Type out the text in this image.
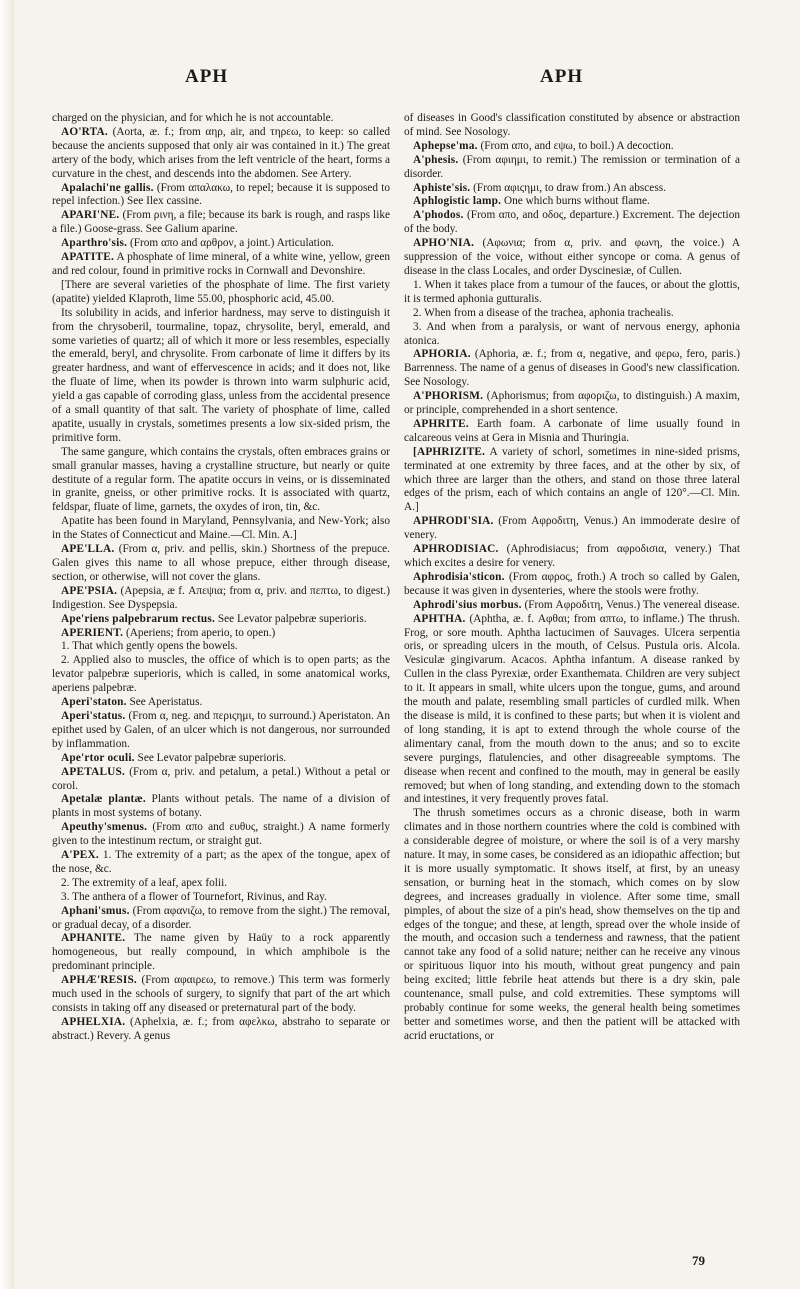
APH	APH

charged on the physician, and for which he is not accountable.

AO'RTA. (Aorta, æ. f.; from αηρ, air, and τηρεω, to keep: so called because the ancients supposed that only air was contained in it.) The great artery of the body, which arises from the left ventricle of the heart, forms a curvature in the chest, and descends into the abdomen. See Artery.

Apalachi'ne gallis. (From απαλακω, to repel; because it is supposed to repel infection.) See Ilex cassine.

APARI'NE. (From ρινη, a file; because its bark is rough, and rasps like a file.) Goose-grass. See Galium aparine.

Aparthro'sis. (From απο and αρθρον, a joint.) Articulation.

APATITE. A phosphate of lime mineral, of a white wine, yellow, green and red colour, found in primitive rocks in Cornwall and Devonshire.

[There are several varieties of the phosphate of lime. The first variety (apatite) yielded Klaproth, lime 55.00, phosphoric acid, 45.00.

Its solubility in acids, and inferior hardness, may serve to distinguish it from the chrysoberil, tourmaline, topaz, chrysolite, beryl, emerald, and some varieties of quartz; all of which it more or less resembles, especially the emerald, beryl, and chrysolite. From carbonate of lime it differs by its greater hardness, and want of effervescence in acids; and it does not, like the fluate of lime, when its powder is thrown into warm sulphuric acid, yield a gas capable of corroding glass, unless from the accidental presence of a small quantity of that salt. The variety of phosphate of lime, called apatite, usually in crystals, sometimes presents a low six-sided prism, the primitive form.

The same gangure, which contains the crystals, often embraces grains or small granular masses, having a crystalline structure, but nearly or quite destitute of a regular form. The apatite occurs in veins, or is disseminated in granite, gneiss, or other primitive rocks. It is associated with quartz, feldspar, fluate of lime, garnets, the oxydes of iron, tin, &c.

Apatite has been found in Maryland, Pennsylvania, and New-York; also in the States of Connecticut and Maine.—Cl. Min. A.]

APE'LLA. (From α, priv. and pellis, skin.) Shortness of the prepuce. Galen gives this name to all whose prepuce, either through disease, section, or otherwise, will not cover the glans.

APE'PSIA. (Apepsia, æ f. Απεψια; from α, priv. and πεπτω, to digest.) Indigestion. See Dyspepsia.

Ape'riens palpebrarum rectus. See Levator palpebræ superioris.

APERIENT. (Aperiens; from aperio, to open.)

1. That which gently opens the bowels.

2. Applied also to muscles, the office of which is to open parts; as the levator palpebræ superioris, which is called, in some anatomical works, aperiens palpebræ.

Aperi'staton. See Aperistatus.

Aperi'status. (From α, neg. and περιςημι, to surround.) Aperistaton. An epithet used by Galen, of an ulcer which is not dangerous, nor surrounded by inflammation.

Ape'rtor oculi. See Levator palpebræ superioris.

APETALUS. (From α, priv. and petalum, a petal.) Without a petal or corol.

Apetalæ plantæ. Plants without petals. The name of a division of plants in most systems of botany.

Apeuthy'smenus. (From απο and ευθυς, straight.) A name formerly given to the intestinum rectum, or straight gut.

A'PEX. 1. The extremity of a part; as the apex of the tongue, apex of the nose, &c.

2. The extremity of a leaf, apex folii.

3. The anthera of a flower of Tournefort, Rivinus, and Ray.

Aphani'smus. (From αφανιζω, to remove from the sight.) The removal, or gradual decay, of a disorder.

APHANITE. The name given by Haüy to a rock apparently homogeneous, but really compound, in which amphibole is the predominant principle.

APHÆ'RESIS. (From αφαιρεω, to remove.) This term was formerly much used in the schools of surgery, to signify that part of the art which consists in taking off any diseased or preternatural part of the body.

APHELXIA. (Aphelxia, æ. f.; from αφελκω, abstraho to separate or abstract.) Revery. A genus

of diseases in Good's classification constituted by absence or abstraction of mind. See Nosology.

Aphepse'ma. (From απο, and εψω, to boil.) A decoction.

A'phesis. (From αφιημι, to remit.) The remission or termination of a disorder.

Aphiste'sis. (From αφιςημι, to draw from.) An abscess.

Aphlogistic lamp. One which burns without flame.

A'phodos. (From απο, and οδος, departure.) Excrement. The dejection of the body.

APHO'NIA. (Αφωνια; from α, priv. and φωνη, the voice.) A suppression of the voice, without either syncope or coma. A genus of disease in the class Locales, and order Dyscinesiæ, of Cullen.

1. When it takes place from a tumour of the fauces, or about the glottis, it is termed aphonia gutturalis.

2. When from a disease of the trachea, aphonia trachealis.

3. And when from a paralysis, or want of nervous energy, aphonia atonica.

APHORIA. (Aphoria, æ. f.; from α, negative, and φερω, fero, paris.) Barrenness. The name of a genus of diseases in Good's new classification. See Nosology.

A'PHORISM. (Aphorismus; from αφοριζω, to distinguish.) A maxim, or principle, comprehended in a short sentence.

APHRITE. Earth foam. A carbonate of lime usually found in calcareous veins at Gera in Misnia and Thuringia.

[APHRIZITE. A variety of schorl, sometimes in nine-sided prisms, terminated at one extremity by three faces, and at the other by six, of which three are larger than the others, and stand on those three lateral edges of the prism, each of which contains an angle of 120°.—Cl. Min. A.]

APHRODI'SIA. (From Αφροδιτη, Venus.) An immoderate desire of venery.

APHRODISIAC. (Aphrodisiacus; from αφροδισια, venery.) That which excites a desire for venery.

Aphrodisia'sticon. (From αφρος, froth.) A troch so called by Galen, because it was given in dysenteries, where the stools were frothy.

Aphrodi'sius morbus. (From Αφροδιτη, Venus.) The venereal disease.

APHTHA. (Aphtha, æ. f. Αφθαι; from απτω, to inflame.) The thrush. Frog, or sore mouth. Aphtha lactucimen of Sauvages. Ulcera serpentia oris, or spreading ulcers in the mouth, of Celsus. Pustula oris. Alcola. Vesiculæ gingivarum. Acacos. Aphtha infantum. A disease ranked by Cullen in the class Pyrexiæ, order Exanthemata. Children are very subject to it. It appears in small, white ulcers upon the tongue, gums, and around the mouth and palate, resembling small particles of curdled milk. When the disease is mild, it is confined to these parts; but when it is violent and of long standing, it is apt to extend through the whole course of the alimentary canal, from the mouth down to the anus; and so to excite severe purgings, flatulencies, and other disagreeable symptoms. The disease when recent and confined to the mouth, may in general be easily removed; but when of long standing, and extending down to the stomach and intestines, it very frequently proves fatal.

The thrush sometimes occurs as a chronic disease, both in warm climates and in those northern countries where the cold is combined with a considerable degree of moisture, or where the soil is of a very marshy nature. It may, in some cases, be considered as an idiopathic affection; but it is more usually symptomatic. It shows itself, at first, by an uneasy sensation, or burning heat in the stomach, which comes on by slow degrees, and increases gradually in violence. After some time, small pimples, of about the size of a pin's head, show themselves on the tip and edges of the tongue; and these, at length, spread over the whole inside of the mouth, and occasion such a tenderness and rawness, that the patient cannot take any food of a solid nature; neither can he receive any vinous or spirituous liquor into his mouth, without great pungency and pain being excited; little febrile heat attends but there is a dry skin, pale countenance, small pulse, and cold extremities. These symptoms will probably continue for some weeks, the general health being sometimes better and sometimes worse, and then the patient will be attacked with acrid eructations, or

79
